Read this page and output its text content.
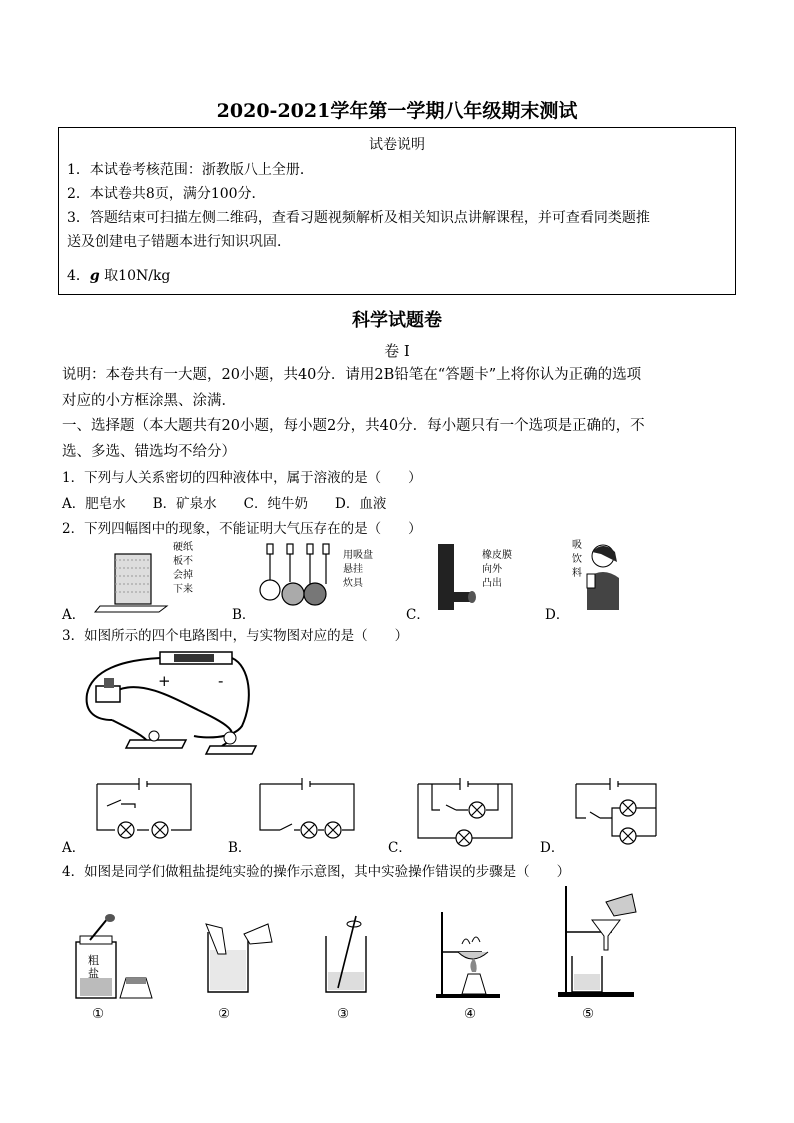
2020-2021学年第一学期八年级期末测试
试卷说明
1．本试卷考核范围：浙教版八上全册．
2．本试卷共8页，满分100分．
3．答题结束可扫描左侧二维码，查看习题视频解析及相关知识点讲解课程，并可查看同类题推
送及创建电子错题本进行知识巩固．
4．g 取10N/kg
科学试题卷
卷 I
说明：本卷共有一大题，20小题，共40分．请用2B铅笔在“答题卡”上将你认为正确的选项
对应的小方框涂黑、涂满．
一、选择题（本大题共有20小题，每小题2分，共40分．每小题只有一个选项是正确的，不
选、多选、错选均不给分）
1．下列与人关系密切的四种液体中，属于溶液的是（　　）
A．肥皂水　　B．矿泉水　　C．纯牛奶　　D．血液
2．下列四幅图中的现象，不能证明大气压存在的是（　　）
A．	B．	C．	D．
硬纸
板不
会掉
下来
用吸盘
悬挂
炊具
橡皮膜
向外
凸出
吸
饮
料
3．如图所示的四个电路图中，与实物图对应的是（　　）
+	-
A．	B．	C．	D．
4．如图是同学们做粗盐提纯实验的操作示意图，其中实验操作错误的步骤是（　　）
粗
盐
①	②	③	④	⑤
